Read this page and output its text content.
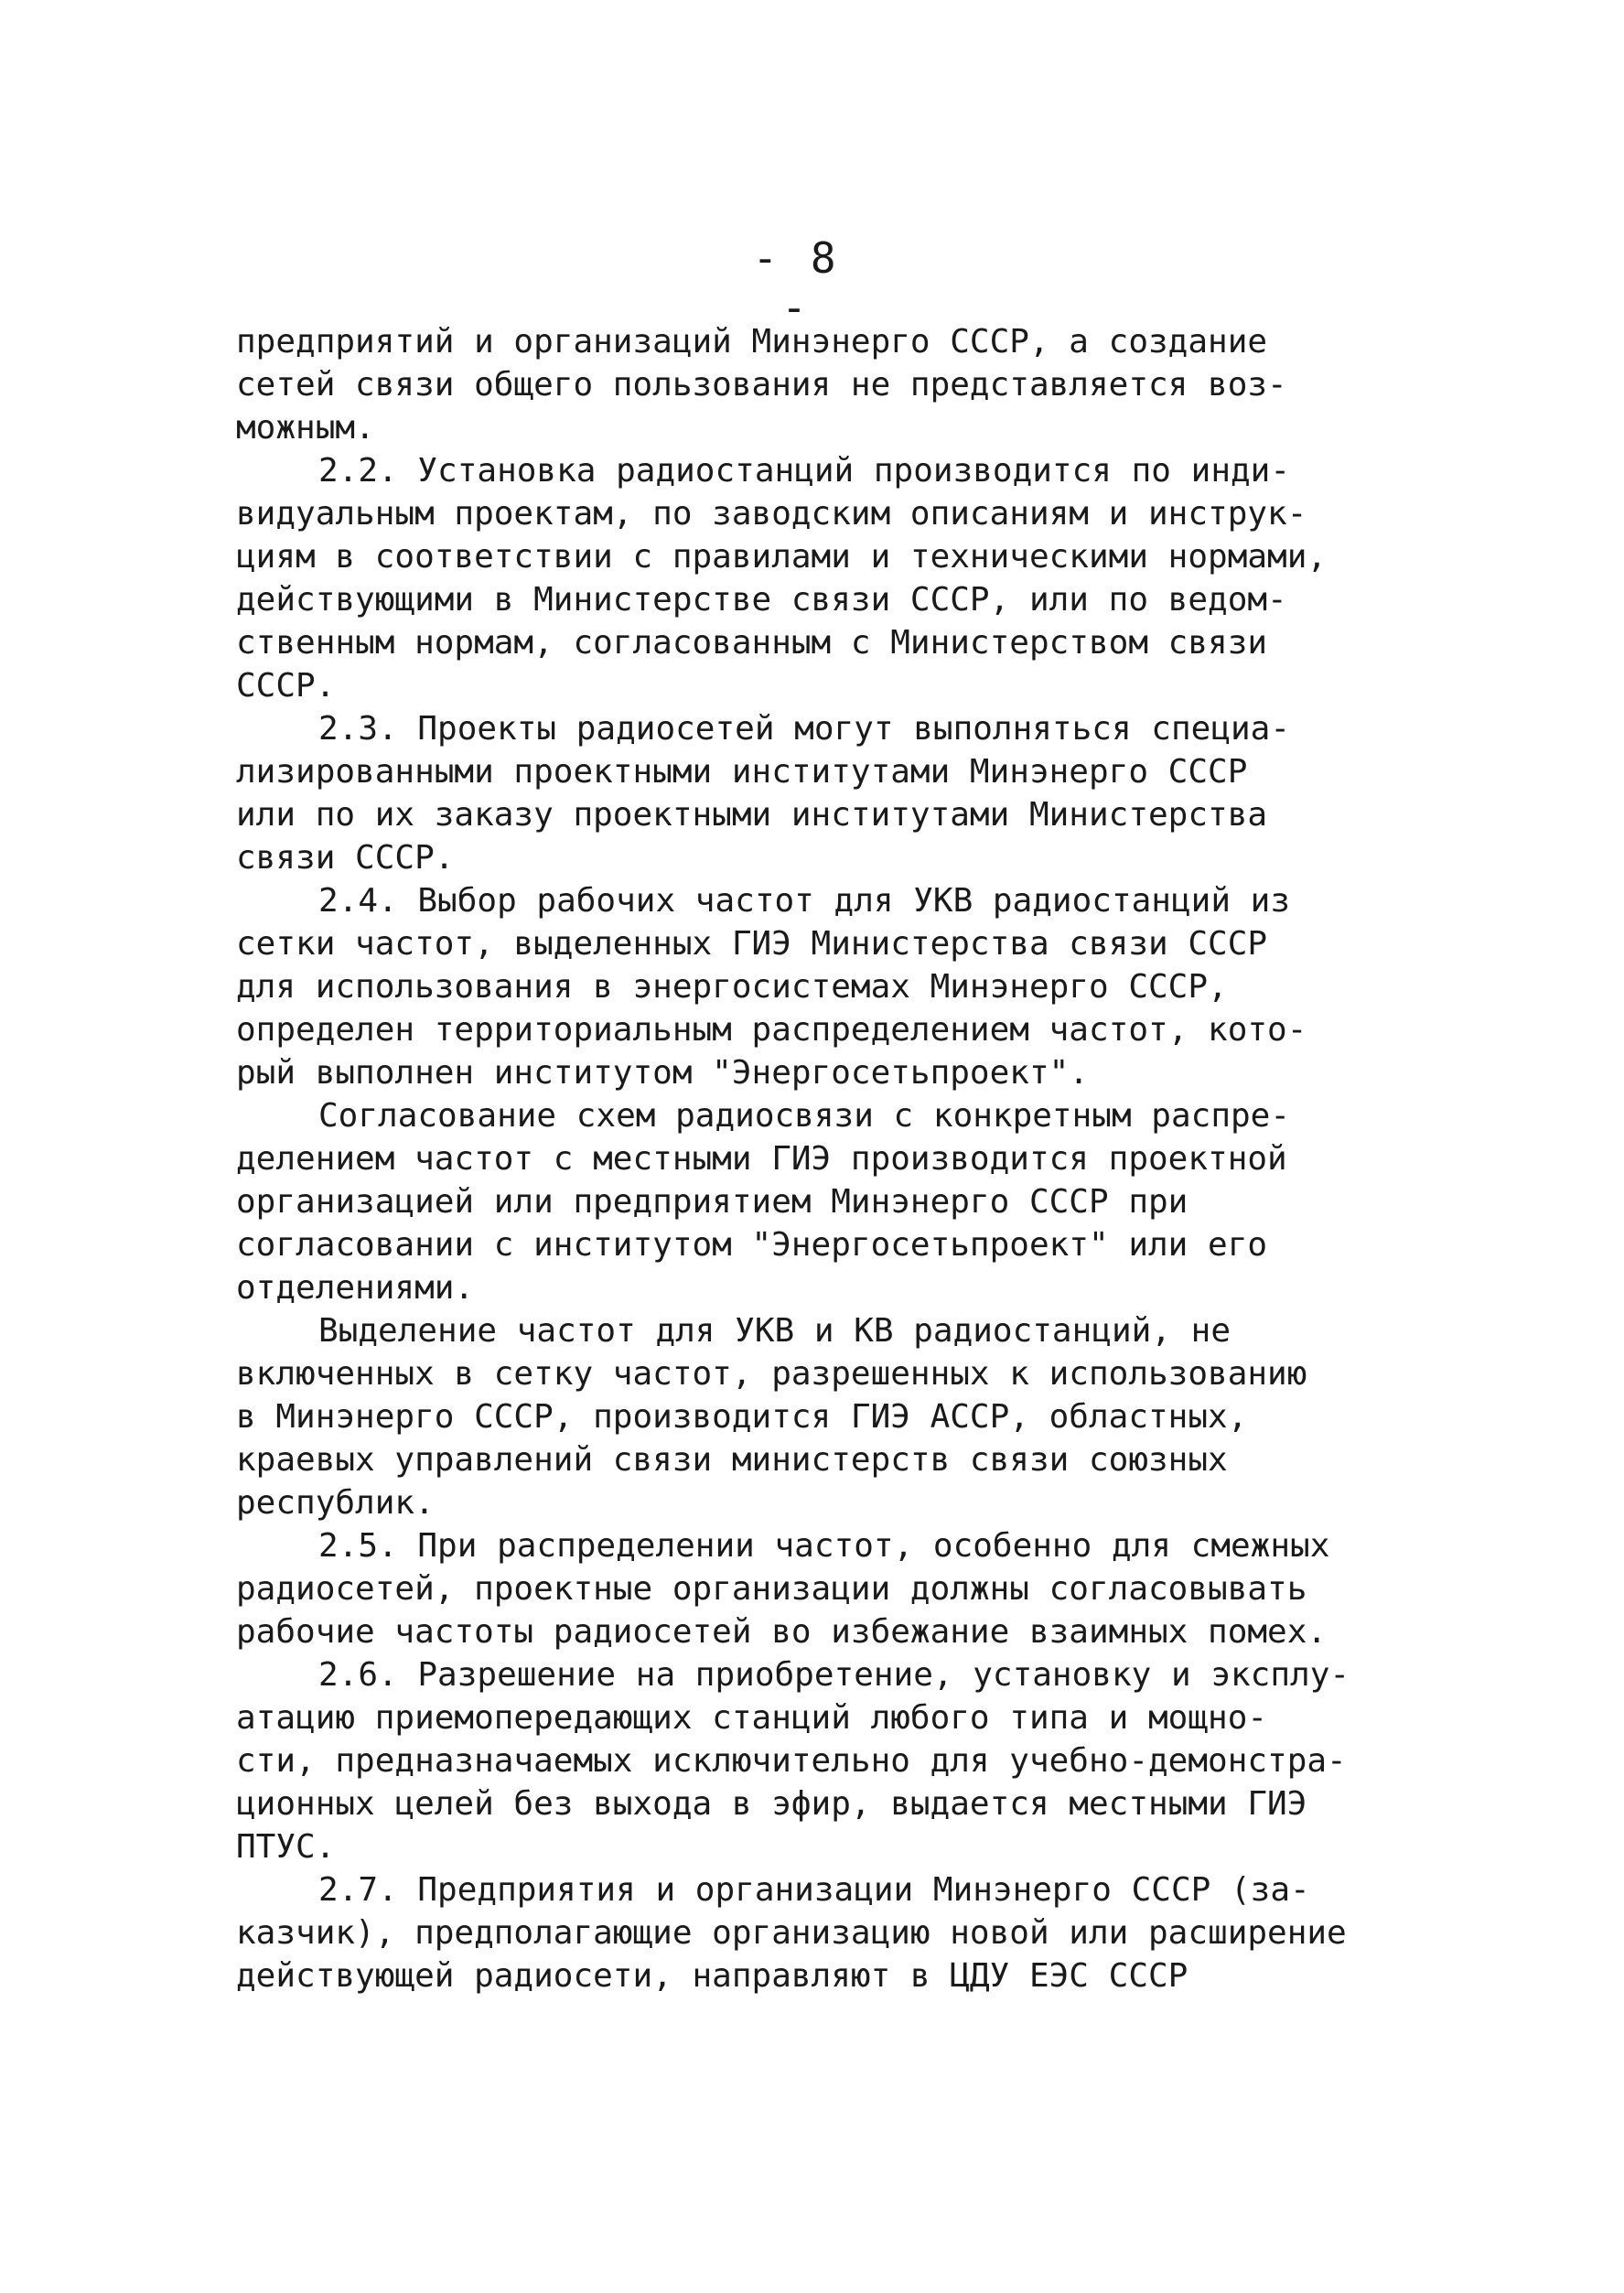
- 8 -
предприятий и организаций Минэнерго СССР, а создание
сетей связи общего пользования не представляется воз-
можным.
2.2. Установка радиостанций производится по инди-
видуальным проектам, по заводским описаниям и инструк-
циям в соответствии с правилами и техническими нормами,
действующими в Министерстве связи СССР, или по ведом-
ственным нормам, согласованным с Министерством связи
СССР.
2.3. Проекты радиосетей могут выполняться специа-
лизированными проектными институтами Минэнерго СССР
или по их заказу проектными институтами Министерства
связи СССР.
2.4. Выбор рабочих частот для УКВ радиостанций из
сетки частот, выделенных ГИЭ Министерства связи СССР
для использования в энергосистемах Минэнерго СССР,
определен территориальным распределением частот, кото-
рый выполнен институтом "Энергосетьпроект".
Согласование схем радиосвязи с конкретным распре-
делением частот с местными ГИЭ производится проектной
организацией или предприятием Минэнерго СССР при
согласовании с институтом "Энергосетьпроект" или его
отделениями.
Выделение частот для УКВ и КВ радиостанций, не
включенных в сетку частот, разрешенных к использованию
в Минэнерго СССР, производится ГИЭ АССР, областных,
краевых управлений связи министерств связи союзных
республик.
2.5. При распределении частот, особенно для смежных
радиосетей, проектные организации должны согласовывать
рабочие частоты радиосетей во избежание взаимных помех.
2.6. Разрешение на приобретение, установку и эксплу-
атацию приемопередающих станций любого типа и мощно-
сти, предназначаемых исключительно для учебно-демонстра-
ционных целей без выхода в эфир, выдается местными ГИЭ
ПТУС.
2.7. Предприятия и организации Минэнерго СССР (за-
казчик), предполагающие организацию новой или расширение
действующей радиосети, направляют в ЦДУ ЕЭС СССР
